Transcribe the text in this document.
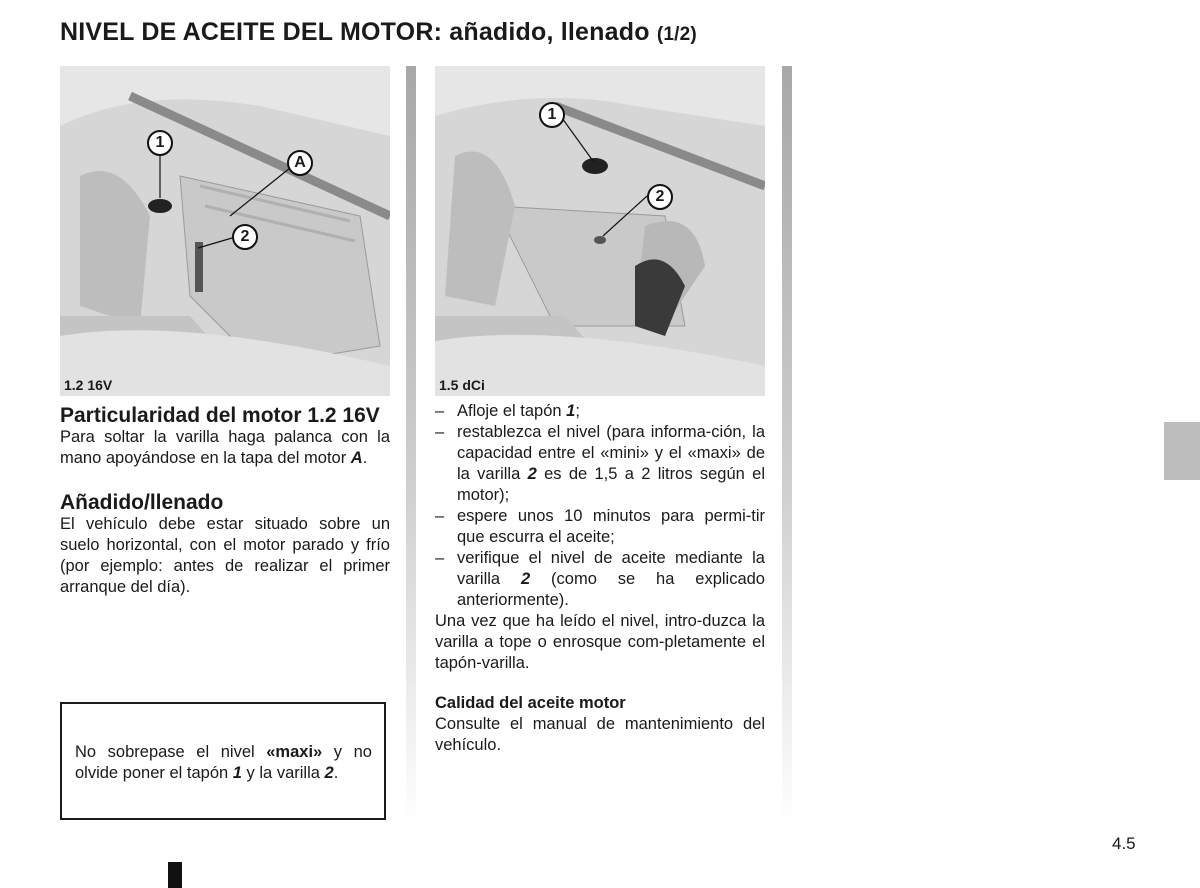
NIVEL DE ACEITE DEL MOTOR: añadido, llenado (1/2)
1
A
2
1.2 16V
1
2
1.5 dCi
Particularidad del motor 1.2 16V

Para soltar la varilla haga palanca con la mano apoyándose en la tapa del motor A.

Añadido/llenado

El vehículo debe estar situado sobre un suelo horizontal, con el motor parado y frío (por ejemplo: antes de realizar el primer arranque del día).

No sobrepase el nivel «maxi» y no olvide poner el tapón 1 y la varilla 2.
– Afloje el tapón 1;
– restablezca el nivel (para informa-ción, la capacidad entre el «mini» y el «maxi» de la varilla 2 es de 1,5 a 2 litros según el motor);
– espere unos 10 minutos para permi-tir que escurra el aceite;
– verifique el nivel de aceite mediante la varilla 2 (como se ha explicado anteriormente).

Una vez que ha leído el nivel, intro-duzca la varilla a tope o enrosque com-pletamente el tapón-varilla.

Calidad del aceite motor

Consulte el manual de mantenimiento del vehículo.

4.5
